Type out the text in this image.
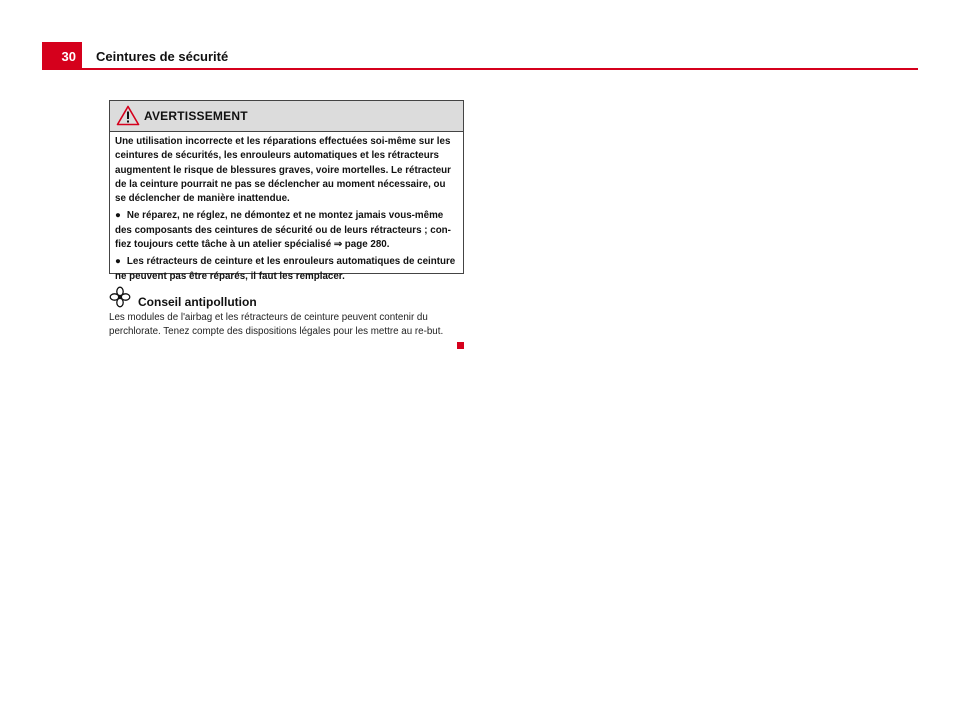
30	Ceintures de sécurité
AVERTISSEMENT

Une utilisation incorrecte et les réparations effectuées soi-même sur les ceintures de sécurités, les enrouleurs automatiques et les rétracteurs augmentent le risque de blessures graves, voire mortelles. Le rétracteur de la ceinture pourrait ne pas se déclencher au moment nécessaire, ou se déclencher de manière inattendue.

● Ne réparez, ne réglez, ne démontez et ne montez jamais vous-même des composants des ceintures de sécurité ou de leurs rétracteurs ; con-fiez toujours cette tâche à un atelier spécialisé ⇒ page 280.

● Les rétracteurs de ceinture et les enrouleurs automatiques de ceinture ne peuvent pas être réparés, il faut les remplacer.

Conseil antipollution
Les modules de l'airbag et les rétracteurs de ceinture peuvent contenir du perchlorate. Tenez compte des dispositions légales pour les mettre au re-but.
